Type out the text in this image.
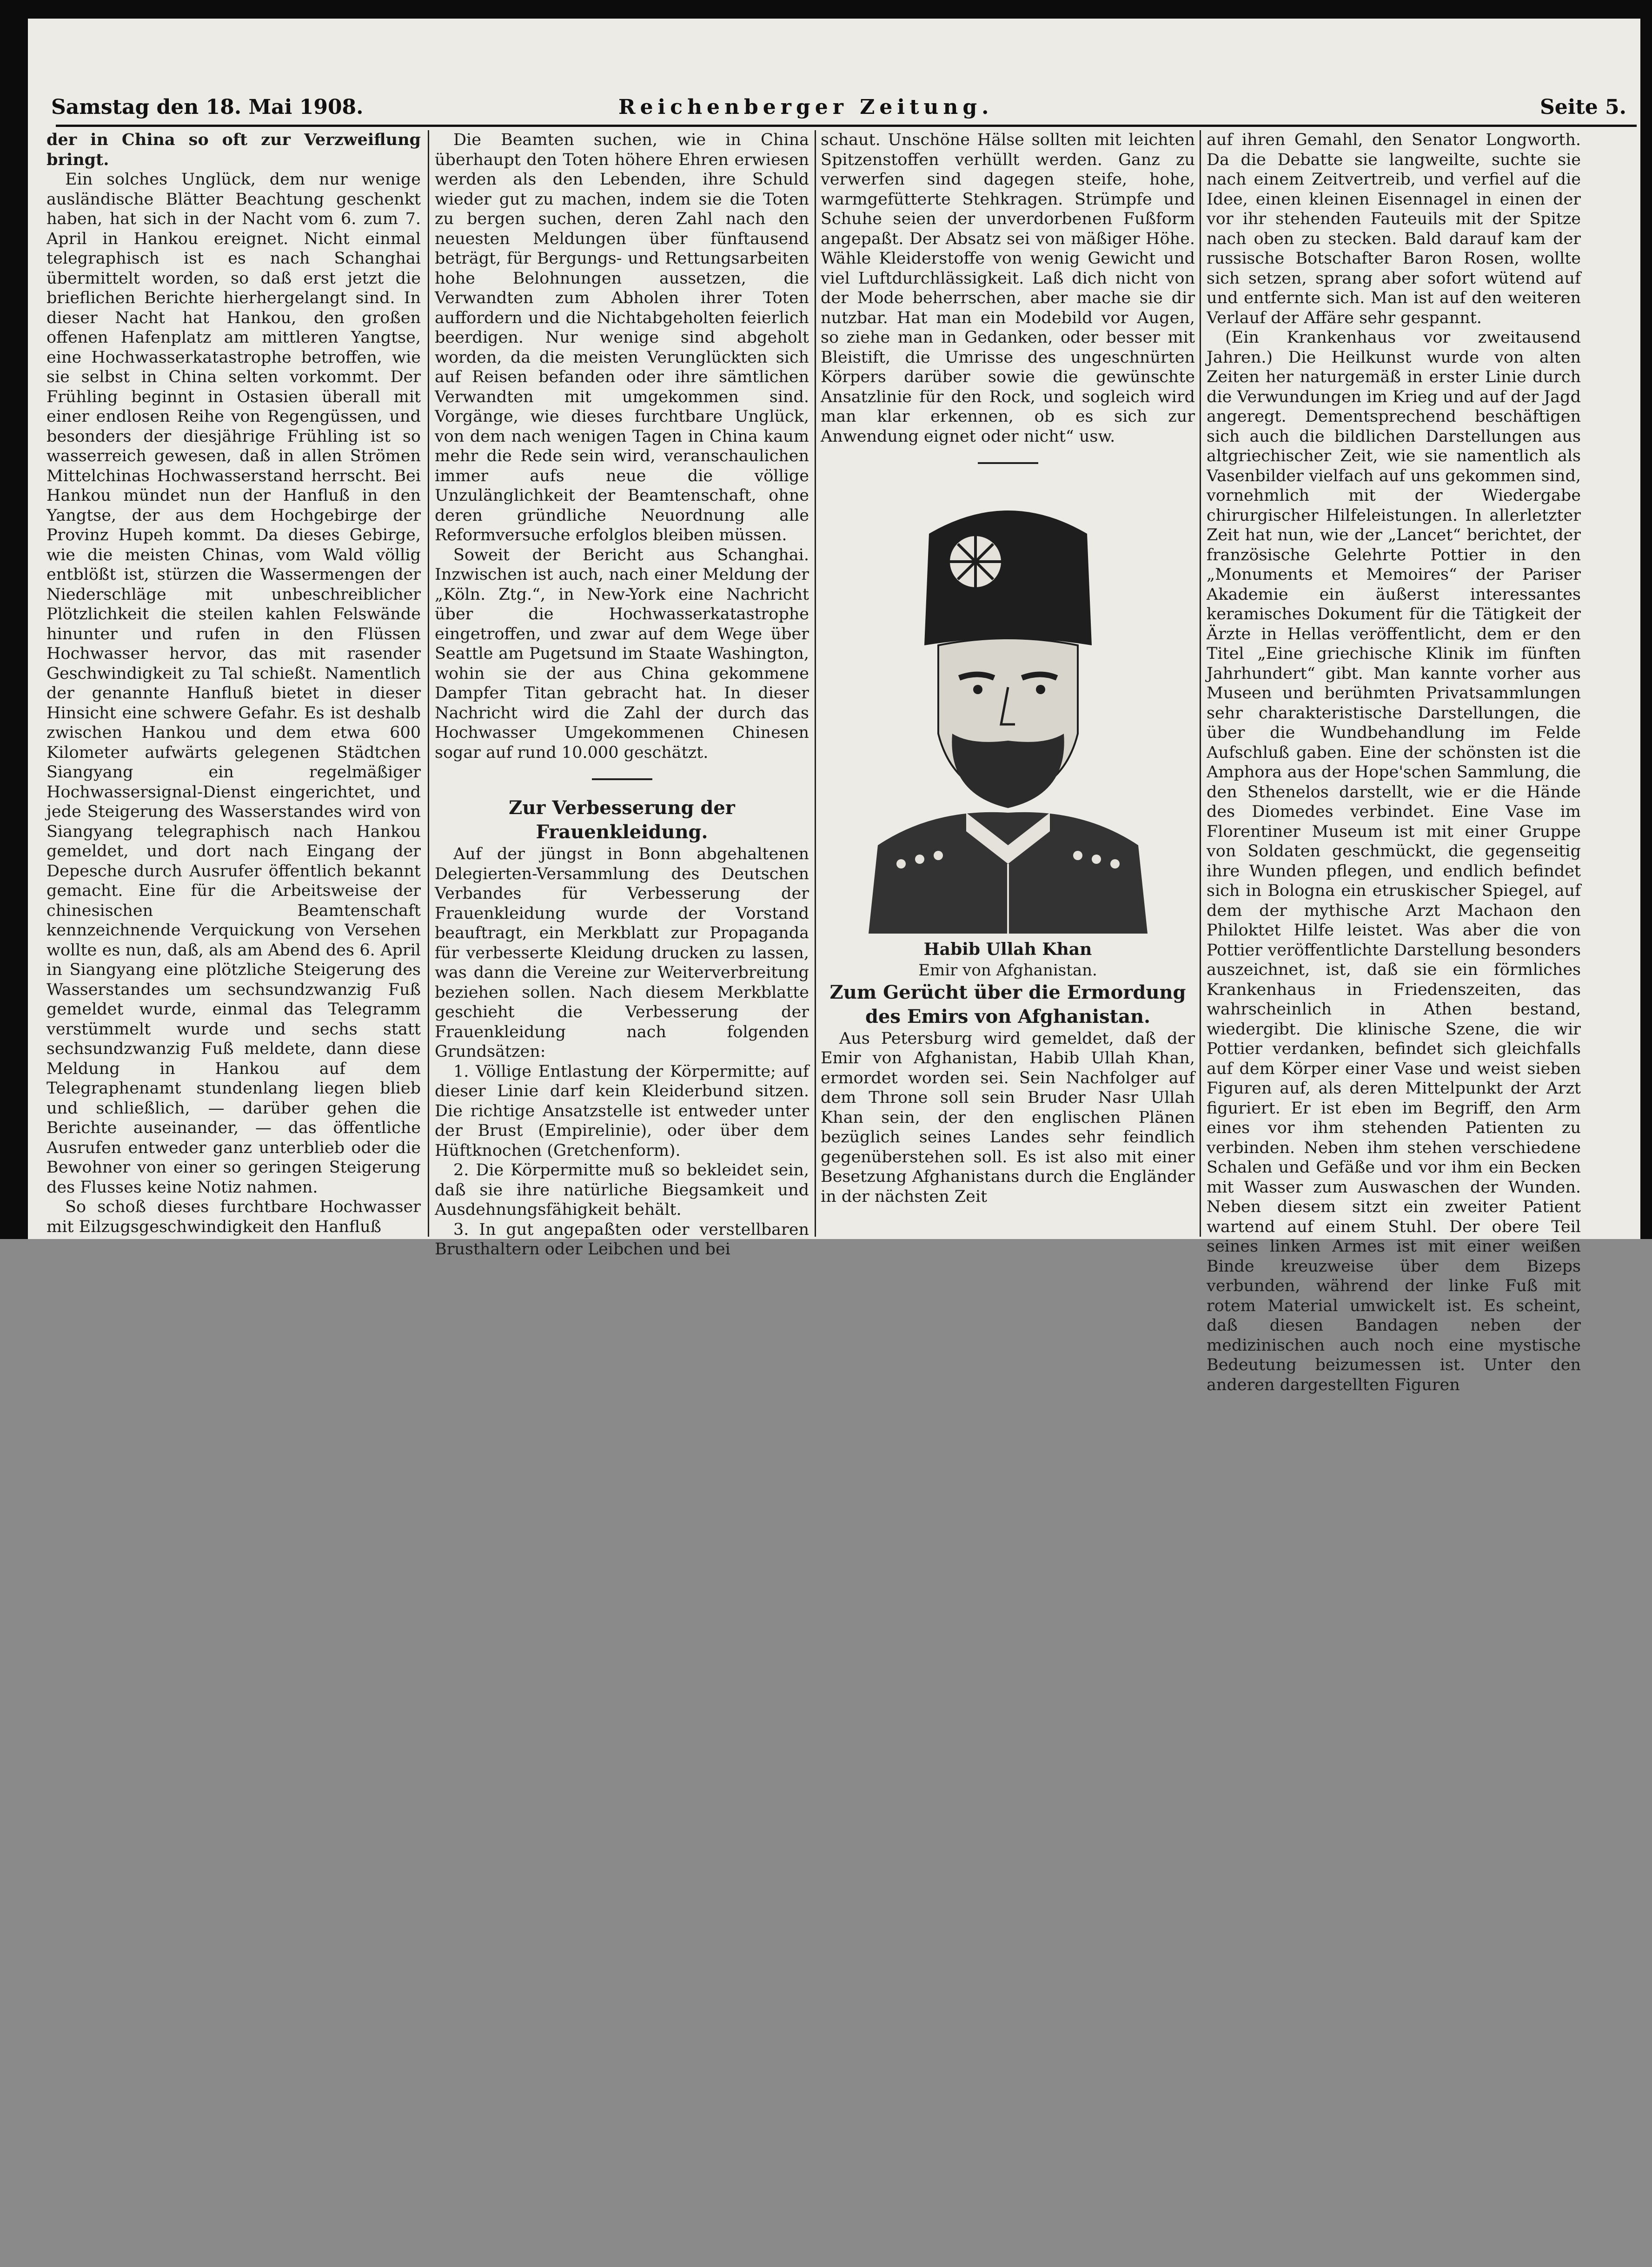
Samstag den 18. Mai 1908.	Reichenberger Zeitung.	Seite 5.

der in China so oft zur Verzweiflung bringt.

Ein solches Unglück, dem nur wenige ausländische Blätter Beachtung geschenkt haben, hat sich in der Nacht vom 6. zum 7. April in Hankou ereignet. Nicht einmal telegraphisch ist es nach Schanghai übermittelt worden, so daß erst jetzt die brieflichen Berichte hierhergelangt sind. In dieser Nacht hat Hankou, den großen offenen Hafenplatz am mittleren Yangtse, eine Hochwasserkatastrophe betroffen, wie sie selbst in China selten vorkommt. Der Frühling beginnt in Ostasien überall mit einer endlosen Reihe von Regengüssen, und besonders der diesjährige Frühling ist so wasserreich gewesen, daß in allen Strömen Mittelchinas Hochwasserstand herrscht. Bei Hankou mündet nun der Hanfluß in den Yangtse, der aus dem Hochgebirge der Provinz Hupeh kommt. Da dieses Gebirge, wie die meisten Chinas, vom Wald völlig entblößt ist, stürzen die Wassermengen der Niederschläge mit unbeschreiblicher Plötzlichkeit die steilen kahlen Felswände hinunter und rufen in den Flüssen Hochwasser hervor, das mit rasender Geschwindigkeit zu Tal schießt. Namentlich der genannte Hanfluß bietet in dieser Hinsicht eine schwere Gefahr. Es ist deshalb zwischen Hankou und dem etwa 600 Kilometer aufwärts gelegenen Städtchen Siangyang ein regelmäßiger Hochwassersignal-Dienst eingerichtet, und jede Steigerung des Wasserstandes wird von Siangyang telegraphisch nach Hankou gemeldet, und dort nach Eingang der Depesche durch Ausrufer öffentlich bekannt gemacht. Eine für die Arbeitsweise der chinesischen Beamtenschaft kennzeichnende Verquickung von Versehen wollte es nun, daß, als am Abend des 6. April in Siangyang eine plötzliche Steigerung des Wasserstandes um sechsundzwanzig Fuß gemeldet wurde, einmal das Telegramm verstümmelt wurde und sechs statt sechsundzwanzig Fuß meldete, dann diese Meldung in Hankou auf dem Telegraphenamt stundenlang liegen blieb und schließlich, — darüber gehen die Berichte auseinander, — das öffentliche Ausrufen entweder ganz unterblieb oder die Bewohner von einer so geringen Steigerung des Flusses keine Notiz nahmen.

So schoß dieses furchtbare Hochwasser mit Eilzugsgeschwindigkeit den Hanfluß

Die Beamten suchen, wie in China überhaupt den Toten höhere Ehren erwiesen werden als den Lebenden, ihre Schuld wieder gut zu machen, indem sie die Toten zu bergen suchen, deren Zahl nach den neuesten Meldungen über fünftausend beträgt, für Bergungs- und Rettungsarbeiten hohe Belohnungen aussetzen, die Verwandten zum Abholen ihrer Toten auffordern und die Nichtabgeholten feierlich beerdigen. Nur wenige sind abgeholt worden, da die meisten Verunglückten sich auf Reisen befanden oder ihre sämtlichen Verwandten mit umgekommen sind. Vorgänge, wie dieses furchtbare Unglück, von dem nach wenigen Tagen in China kaum mehr die Rede sein wird, veranschaulichen immer aufs neue die völlige Unzulänglichkeit der Beamtenschaft, ohne deren gründliche Neuordnung alle Reformversuche erfolglos bleiben müssen.

Soweit der Bericht aus Schanghai. Inzwischen ist auch, nach einer Meldung der „Köln. Ztg.“, in New-York eine Nachricht über die Hochwasserkatastrophe eingetroffen, und zwar auf dem Wege über Seattle am Pugetsund im Staate Washington, wohin sie der aus China gekommene Dampfer Titan gebracht hat. In dieser Nachricht wird die Zahl der durch das Hochwasser Umgekommenen Chinesen sogar auf rund 10.000 geschätzt.

Zur Verbesserung der Frauenkleidung.

Auf der jüngst in Bonn abgehaltenen Delegierten-Versammlung des Deutschen Verbandes für Verbesserung der Frauenkleidung wurde der Vorstand beauftragt, ein Merkblatt zur Propaganda für verbesserte Kleidung drucken zu lassen, was dann die Vereine zur Weiterverbreitung beziehen sollen. Nach diesem Merkblatte geschieht die Verbesserung der Frauenkleidung nach folgenden Grundsätzen:

1. Völlige Entlastung der Körpermitte; auf dieser Linie darf kein Kleiderbund sitzen. Die richtige Ansatzstelle ist entweder unter der Brust (Empirelinie), oder über dem Hüftknochen (Gretchenform).

2. Die Körpermitte muß so bekleidet sein, daß sie ihre natürliche Biegsamkeit und Ausdehnungsfähigkeit behält.

3. In gut angepaßten oder verstellbaren Brusthaltern oder Leibchen und bei

schaut. Unschöne Hälse sollten mit leichten Spitzenstoffen verhüllt werden. Ganz zu verwerfen sind dagegen steife, hohe, warmgefütterte Stehkragen. Strümpfe und Schuhe seien der unverdorbenen Fußform angepaßt. Der Absatz sei von mäßiger Höhe. Wähle Kleiderstoffe von wenig Gewicht und viel Luftdurchlässigkeit. Laß dich nicht von der Mode beherrschen, aber mache sie dir nutzbar. Hat man ein Modebild vor Augen, so ziehe man in Gedanken, oder besser mit Bleistift, die Umrisse des ungeschnürten Körpers darüber sowie die gewünschte Ansatzlinie für den Rock, und sogleich wird man klar erkennen, ob es sich zur Anwendung eignet oder nicht“ usw.

Habib Ullah Khan

Emir von Afghanistan.

Zum Gerücht über die Ermordung des Emirs von Afghanistan.

Aus Petersburg wird gemeldet, daß der Emir von Afghanistan, Habib Ullah Khan, ermordet worden sei. Sein Nachfolger auf dem Throne soll sein Bruder Nasr Ullah Khan sein, der den englischen Plänen bezüglich seines Landes sehr feindlich gegenüberstehen soll. Es ist also mit einer Besetzung Afghanistans durch die Engländer in der nächsten Zeit

auf ihren Gemahl, den Senator Longworth. Da die Debatte sie langweilte, suchte sie nach einem Zeitvertreib, und verfiel auf die Idee, einen kleinen Eisennagel in einen der vor ihr stehenden Fauteuils mit der Spitze nach oben zu stecken. Bald darauf kam der russische Botschafter Baron Rosen, wollte sich setzen, sprang aber sofort wütend auf und entfernte sich. Man ist auf den weiteren Verlauf der Affäre sehr gespannt.

(Ein Krankenhaus vor zweitausend Jahren.) Die Heilkunst wurde von alten Zeiten her naturgemäß in erster Linie durch die Verwundungen im Krieg und auf der Jagd angeregt. Dementsprechend beschäftigen sich auch die bildlichen Darstellungen aus altgriechischer Zeit, wie sie namentlich als Vasenbilder vielfach auf uns gekommen sind, vornehmlich mit der Wiedergabe chirurgischer Hilfeleistungen. In allerletzter Zeit hat nun, wie der „Lancet“ berichtet, der französische Gelehrte Pottier in den „Monuments et Memoires“ der Pariser Akademie ein äußerst interessantes keramisches Dokument für die Tätigkeit der Ärzte in Hellas veröffentlicht, dem er den Titel „Eine griechische Klinik im fünften Jahrhundert“ gibt. Man kannte vorher aus Museen und berühmten Privatsammlungen sehr charakteristische Darstellungen, die über die Wundbehandlung im Felde Aufschluß gaben. Eine der schönsten ist die Amphora aus der Hope'schen Sammlung, die den Sthenelos darstellt, wie er die Hände des Diomedes verbindet. Eine Vase im Florentiner Museum ist mit einer Gruppe von Soldaten geschmückt, die gegenseitig ihre Wunden pflegen, und endlich befindet sich in Bologna ein etruskischer Spiegel, auf dem der mythische Arzt Machaon den Philoktet Hilfe leistet. Was aber die von Pottier veröffentlichte Darstellung besonders auszeichnet, ist, daß sie ein förmliches Krankenhaus in Friedenszeiten, das wahrscheinlich in Athen bestand, wiedergibt. Die klinische Szene, die wir Pottier verdanken, befindet sich gleichfalls auf dem Körper einer Vase und weist sieben Figuren auf, als deren Mittelpunkt der Arzt figuriert. Er ist eben im Begriff, den Arm eines vor ihm stehenden Patienten zu verbinden. Neben ihm stehen verschiedene Schalen und Gefäße und vor ihm ein Becken mit Wasser zum Auswaschen der Wunden. Neben diesem sitzt ein zweiter Patient wartend auf einem Stuhl. Der obere Teil seines linken Armes ist mit einer weißen Binde kreuzweise über dem Bizeps verbunden, während der linke Fuß mit rotem Material umwickelt ist. Es scheint, daß diesen Bandagen neben der medizinischen auch noch eine mystische Bedeutung beizumessen ist. Unter den anderen dargestellten Figuren
